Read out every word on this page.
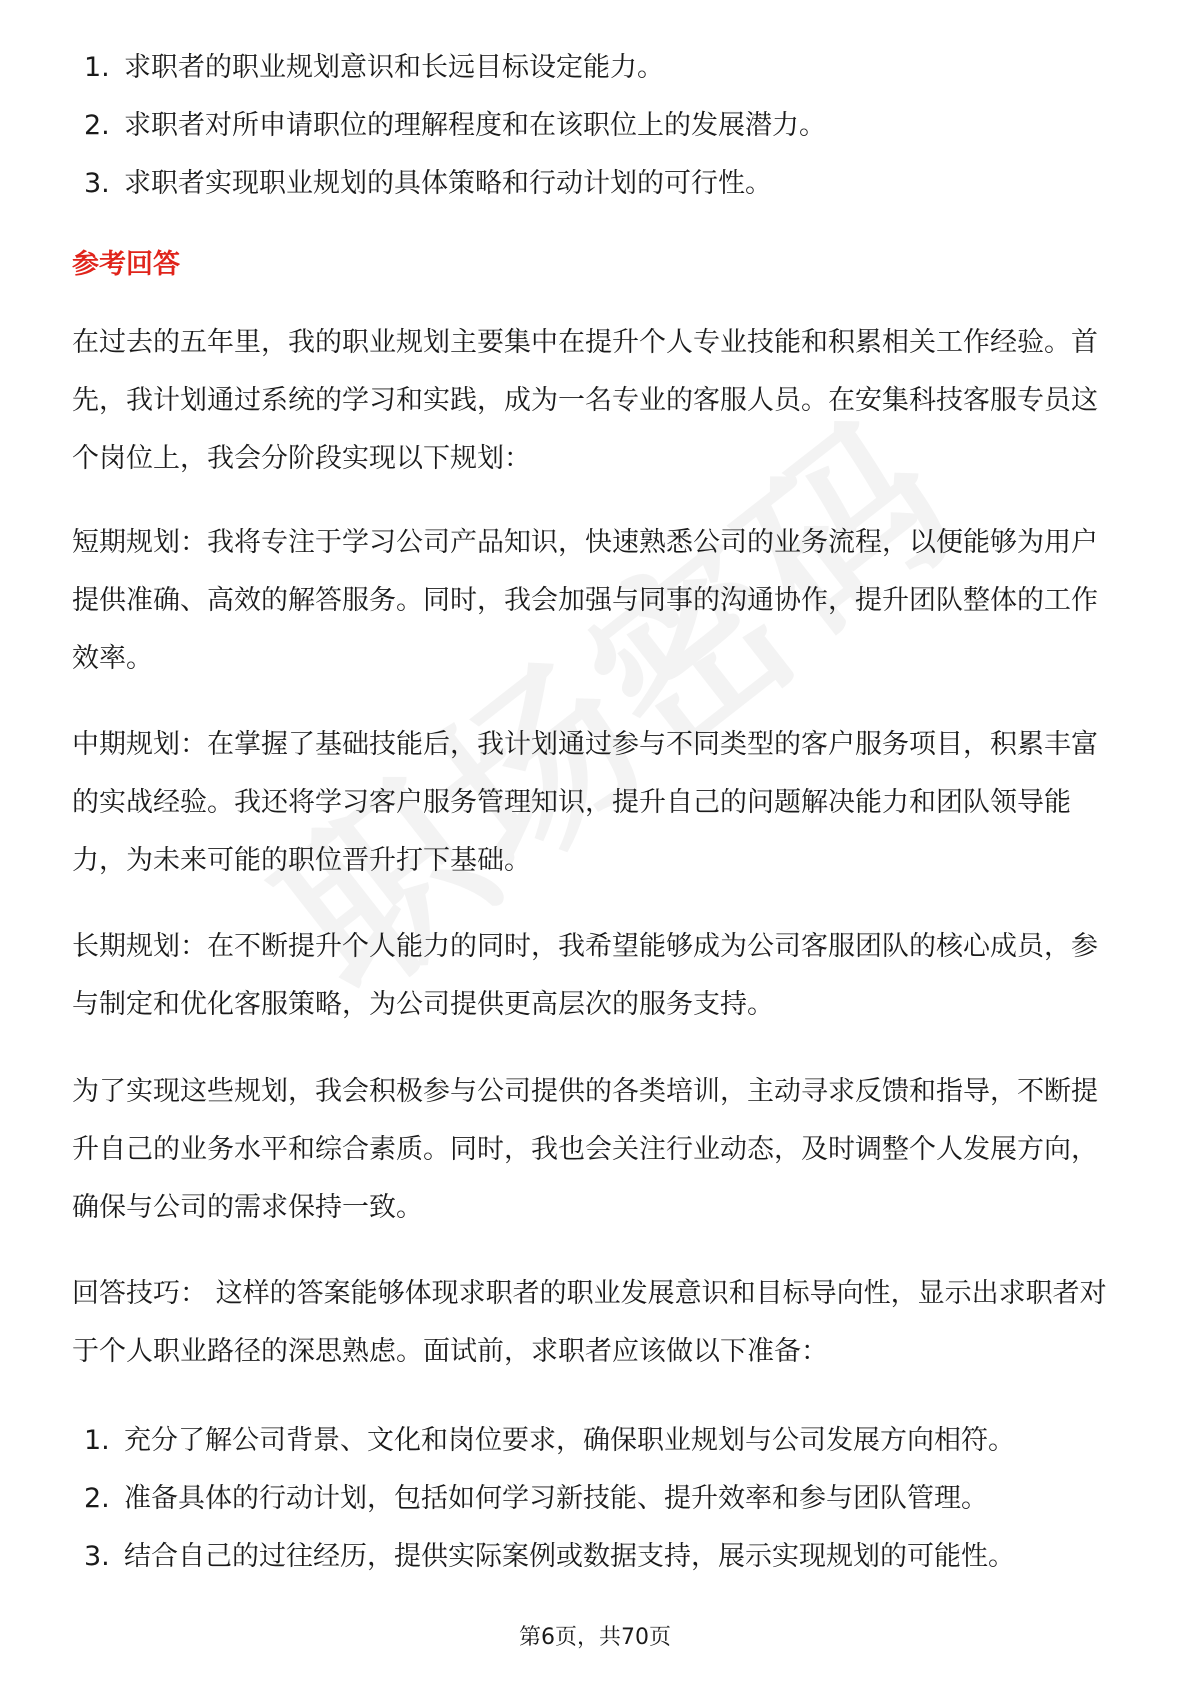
1. 求职者的职业规划意识和长远目标设定能力。
2. 求职者对所申请职位的理解程度和在该职位上的发展潜力。
3. 求职者实现职业规划的具体策略和行动计划的可行性。
参考回答

在过去的五年里，我的职业规划主要集中在提升个人专业技能和积累相关工作经验。首先，我计划通过系统的学习和实践，成为一名专业的客服人员。在安集科技客服专员这个岗位上，我会分阶段实现以下规划：

短期规划：我将专注于学习公司产品知识，快速熟悉公司的业务流程，以便能够为用户提供准确、高效的解答服务。同时，我会加强与同事的沟通协作，提升团队整体的工作效率。

中期规划：在掌握了基础技能后，我计划通过参与不同类型的客户服务项目，积累丰富的实战经验。我还将学习客户服务管理知识，提升自己的问题解决能力和团队领导能力，为未来可能的职位晋升打下基础。

长期规划：在不断提升个人能力的同时，我希望能够成为公司客服团队的核心成员，参与制定和优化客服策略，为公司提供更高层次的服务支持。

为了实现这些规划，我会积极参与公司提供的各类培训，主动寻求反馈和指导，不断提升自己的业务水平和综合素质。同时，我也会关注行业动态，及时调整个人发展方向，确保与公司的需求保持一致。

回答技巧： 这样的答案能够体现求职者的职业发展意识和目标导向性，显示出求职者对于个人职业路径的深思熟虑。面试前，求职者应该做以下准备：

1. 充分了解公司背景、文化和岗位要求，确保职业规划与公司发展方向相符。
2. 准备具体的行动计划，包括如何学习新技能、提升效率和参与团队管理。
3. 结合自己的过往经历，提供实际案例或数据支持，展示实现规划的可能性。
第6页，共70页
